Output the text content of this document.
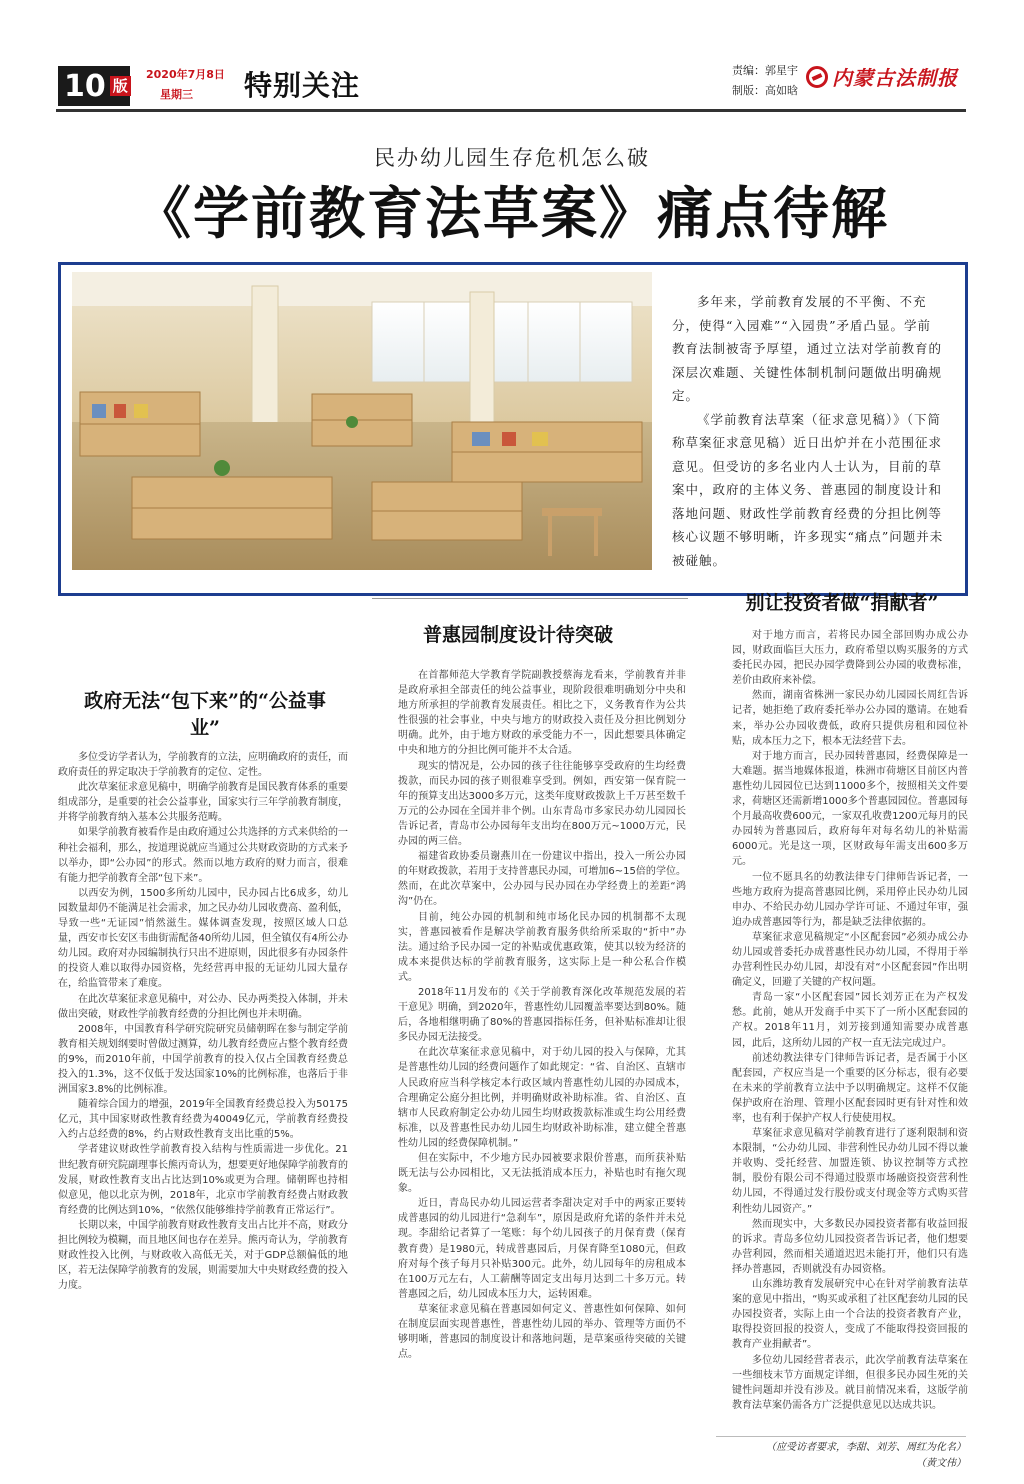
10 版
2020年7月8日
星期三 特别关注	责编：郭星宇
制版：高如晗
内蒙古法制报
民办幼儿园生存危机怎么破
《学前教育法草案》痛点待解

多年来，学前教育发展的不平衡、不充分，使得“入园难”“入园贵”矛盾凸显。学前教育法制被寄予厚望，通过立法对学前教育的深层次难题、关键性体制机制问题做出明确规定。

《学前教育法草案（征求意见稿）》（下简称草案征求意见稿）近日出炉并在小范围征求意见。但受访的多名业内人士认为，目前的草案中，政府的主体义务、普惠园的制度设计和落地问题、财政性学前教育经费的分担比例等核心议题不够明晰，许多现实“痛点”问题并未被碰触。

政府无法“包下来”的“公益事业”

多位受访学者认为，学前教育的立法，应明确政府的责任，而政府责任的界定取决于学前教育的定位、定性。

此次草案征求意见稿中，明确学前教育是国民教育体系的重要组成部分，是重要的社会公益事业，国家实行三年学前教育制度，并将学前教育纳入基本公共服务范畴。

如果学前教育被看作是由政府通过公共选择的方式来供给的一种社会福利，那么，按道理说就应当通过公共财政资助的方式来予以举办，即“公办园”的形式。然而以地方政府的财力而言，很难有能力把学前教育全部“包下来”。

以西安为例，1500多所幼儿园中，民办园占比6成多，幼儿园数量却仍不能满足社会需求，加之民办幼儿园收费高、盈利低，导致一些“无证园”悄然滋生。媒体调查发现，按照区域人口总量，西安市长安区韦曲街需配备40所幼儿园，但全镇仅有4所公办幼儿园。政府对办园编制执行只出不进原则，因此很多有办园条件的投资人难以取得办园资格，先经营再申报的无证幼儿园大量存在，给监管带来了难度。

在此次草案征求意见稿中，对公办、民办两类投入体制，并未做出突破，财政性学前教育经费的分担比例也并未明确。

2008年，中国教育科学研究院研究员储朝晖在参与制定学前教育相关规划纲要时曾做过测算，幼儿教育经费应占整个教育经费的9%，而2010年前，中国学前教育的投入仅占全国教育经费总投入的1.3%，这不仅低于发达国家10%的比例标准，也落后于非洲国家3.8%的比例标准。

随着综合国力的增强，2019年全国教育经费总投入为50175亿元，其中国家财政性教育经费为40049亿元，学前教育经费投入约占总经费的8%，约占财政性教育支出比重的5%。

学者建议财政性学前教育投入结构与性质需进一步优化。21世纪教育研究院副理事长熊丙奇认为，想要更好地保障学前教育的发展，财政性教育支出占比达到10%或更为合理。储朝晖也持相似意见，他以北京为例，2018年，北京市学前教育经费占财政教育经费的比例达到10%，“依然仅能够维持学前教育正常运行”。

长期以来，中国学前教育财政性教育支出占比并不高，财政分担比例较为模糊，而且地区间也存在差异。熊丙奇认为，学前教育财政性投入比例，与财政收入高低无关，对于GDP总额偏低的地区，若无法保障学前教育的发展，则需要加大中央财政经费的投入力度。

普惠园制度设计待突破

在首都师范大学教育学院副教授蔡海龙看来，学前教育并非是政府承担全部责任的纯公益事业，现阶段很难明确划分中央和地方所承担的学前教育发展责任。相比之下，义务教育作为公共性很强的社会事业，中央与地方的财政投入责任及分担比例划分明确。此外，由于地方财政的承受能力不一，因此想要具体确定中央和地方的分担比例可能并不太合适。

现实的情况是，公办园的孩子往往能够享受政府的生均经费拨款，而民办园的孩子则很难享受到。例如，西安第一保育院一年的预算支出达3000多万元，这类年度财政拨款上千万甚至数千万元的公办园在全国并非个例。山东青岛市多家民办幼儿园园长告诉记者，青岛市公办园每年支出均在800万元~1000万元，民办园的两三倍。

福建省政协委员谢燕川在一份建议中指出，投入一所公办园的年财政拨款，若用于支持普惠民办园，可增加6~15倍的学位。然而，在此次草案中，公办园与民办园在办学经费上的差距“鸿沟”仍在。

目前，纯公办园的机制和纯市场化民办园的机制都不太现实，普惠园被看作是解决学前教育服务供给所采取的“折中”办法。通过给予民办园一定的补贴或优惠政策，使其以较为经济的成本来提供达标的学前教育服务，这实际上是一种公私合作模式。

2018年11月发布的《关于学前教育深化改革规范发展的若干意见》明确，到2020年，普惠性幼儿园覆盖率要达到80%。随后，各地相继明确了80%的普惠园指标任务，但补贴标准却让很多民办园无法接受。

在此次草案征求意见稿中，对于幼儿园的投入与保障，尤其是普惠性幼儿园的经费问题作了如此规定：“省、自治区、直辖市人民政府应当科学核定本行政区域内普惠性幼儿园的办园成本，合理确定公庭分担比例，并明确财政补助标准。省、自治区、直辖市人民政府制定公办幼儿园生均财政拨款标准或生均公用经费标准，以及普惠性民办幼儿园生均财政补助标准，建立健全普惠性幼儿园的经费保障机制。”

但在实际中，不少地方民办园被要求限价普惠，而所获补贴既无法与公办园相比，又无法抵消成本压力，补贴也时有拖欠现象。

近日，青岛民办幼儿园运营者李甜决定对手中的两家正要转成普惠园的幼儿园进行“急刹车”，原因是政府允诺的条件并未兑现。李甜给记者算了一笔账：每个幼儿园孩子的月保育费（保育教育费）是1980元，转成普惠园后，月保育降至1080元，但政府对每个孩子每月只补贴300元。此外，幼儿园每年的房租成本在100万元左右，人工薪酬等固定支出每月达到二十多万元。转普惠园之后，幼儿园成本压力大，运转困难。

草案征求意见稿在普惠园如何定义、普惠性如何保障、如何在制度层面实现普惠性，普惠性幼儿园的举办、管理等方面仍不够明晰，普惠园的制度设计和落地问题，是草案亟待突破的关键点。

别让投资者做“捐献者”

对于地方而言，若将民办园全部回购办成公办园，财政面临巨大压力，政府希望以购买服务的方式委托民办园，把民办园学费降到公办园的收费标准，差价由政府来补偿。

然而，湖南省株洲一家民办幼儿园园长周红告诉记者，她拒绝了政府委托举办公办园的邀请。在她看来，举办公办园收费低，政府只提供房租和园位补贴，成本压力之下，根本无法经营下去。

对于地方而言，民办园转普惠园，经费保障是一大难题。据当地媒体报道，株洲市荷塘区目前区内普惠性幼儿园园位已达到11000多个，按照相关文件要求，荷塘区还需新增1000多个普惠园园位。普惠园每个月最高收费600元，一家双孔收费1200元每月的民办园转为普惠园后，政府每年对每名幼儿的补贴需6000元。光是这一项，区财政每年需支出600多万元。

一位不愿具名的幼教法律专门律师告诉记者，一些地方政府为提高普惠园比例，采用停止民办幼儿园申办、不给民办幼儿园办学许可证、不通过年审，强迫办成普惠园等行为，都是缺乏法律依据的。

草案征求意见稿规定“小区配套园”必须办成公办幼儿园或普委托办成普惠性民办幼儿园，不得用于举办营利性民办幼儿园，却没有对“小区配套园”作出明确定义，回避了关键的产权问题。

青岛一家“小区配套园”园长刘芳正在为产权发愁。此前，她从开发商手中买下了一所小区配套园的产权。2018年11月，刘芳接到通知需要办成普惠园，此后，这所幼儿园的产权一直无法完成过户。

前述幼教法律专门律师告诉记者，是否属于小区配套园，产权应当是一个重要的区分标志，很有必要在未来的学前教育立法中予以明确规定。这样不仅能保护政府在治理、管理小区配套园时更有针对性和效率，也有利于保护产权人行使使用权。

草案征求意见稿对学前教育进行了逐利限制和资本限制，“公办幼儿园、非营利性民办幼儿园不得以兼并收购、受托经营、加盟连锁、协议控制等方式控制，股份有限公司不得通过股票市场融资投资营利性幼儿园，不得通过发行股份或支付现金等方式购买营利性幼儿园资产。”

然而现实中，大多数民办园投资者都有收益回报的诉求。青岛多位幼儿园投资者告诉记者，他们想要办营利园，然而相关通道迟迟未能打开，他们只有选择办普惠园，否则就没有办园资格。

山东潍坊教育发展研究中心在针对学前教育法草案的意见中指出，“购买或承租了社区配套幼儿园的民办园投资者，实际上由一个合法的投资者教育产业，取得投资回报的投资人，变成了不能取得投资回报的教育产业捐献者”。

多位幼儿园经营者表示，此次学前教育法草案在一些细枝末节方面规定详细，但很多民办园生死的关键性问题却并没有涉及。就目前情况来看，这版学前教育法草案仍需各方广泛提供意见以达成共识。

（应受访者要求，李甜、刘芳、周红为化名）
（黄文伟）
